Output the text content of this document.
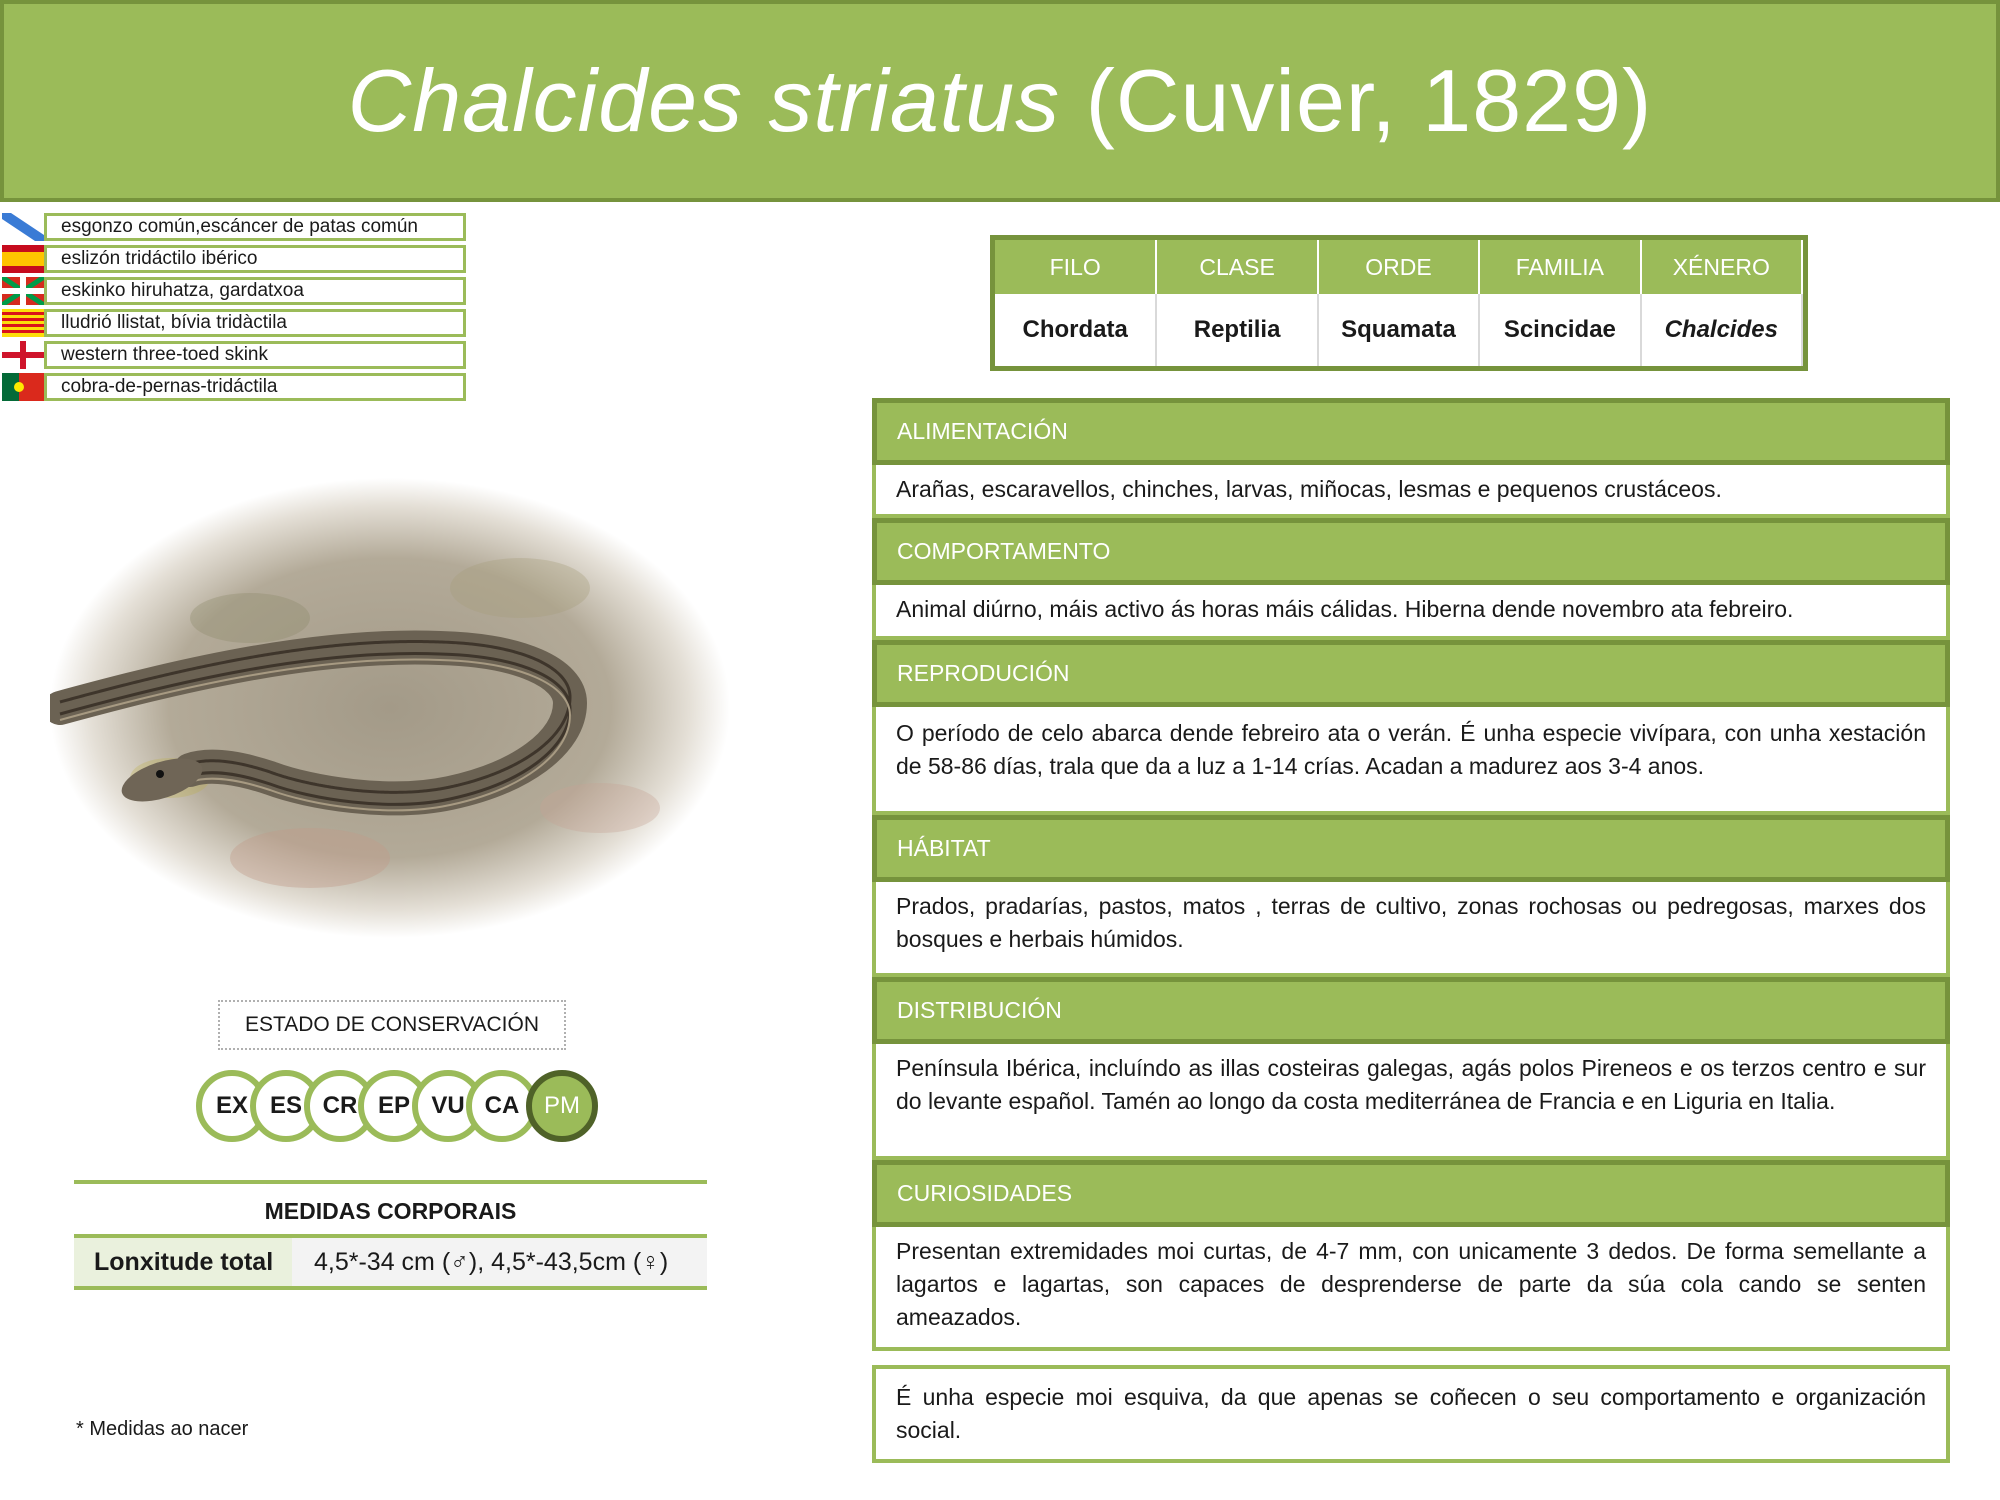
Chalcides striatus (Cuvier, 1829)
esgonzo común,escáncer de patas común
eslizón tridáctilo ibérico
eskinko hiruhatza, gardatxoa
lludrió llistat, bívia tridàctila
western three-toed skink
cobra-de-pernas-tridáctila
ESTADO DE CONSERVACIÓN
EX ES CR EP VU CA	PM
MEDIDAS CORPORAIS
Lonxitude total	4,5*-34 cm (♂), 4,5*-43,5cm (♀)
* Medidas ao nacer
FILO	CLASE	ORDE	FAMILIA	XÉNERO
Chordata	Reptilia	Squamata	Scincidae	Chalcides
ALIMENTACIÓN
Arañas, escaravellos, chinches, larvas, miñocas, lesmas e pequenos crustáceos.
COMPORTAMENTO
Animal diúrno, máis activo ás horas máis cálidas. Hiberna dende novembro ata febreiro.
REPRODUCIÓN
O período de celo abarca dende febreiro ata o verán. É unha especie vivípara, con unha xestación de 58-86 días, trala que da a luz a 1-14 crías. Acadan a madurez aos 3-4 anos.
HÁBITAT
Prados, pradarías, pastos, matos , terras de cultivo, zonas rochosas ou pedregosas, marxes dos bosques e herbais húmidos.
DISTRIBUCIÓN
Península Ibérica, incluíndo as illas costeiras galegas, agás polos Pireneos e os terzos centro e sur do levante español. Tamén ao longo da costa mediterránea de Francia e en Liguria en Italia.
CURIOSIDADES
Presentan extremidades moi curtas, de 4-7 mm, con unicamente 3 dedos. De forma semellante a lagartos e lagartas, son capaces de desprenderse de parte da súa cola cando se senten ameazados.
É unha especie moi esquiva, da que apenas se coñecen o seu comportamento e organización social.
